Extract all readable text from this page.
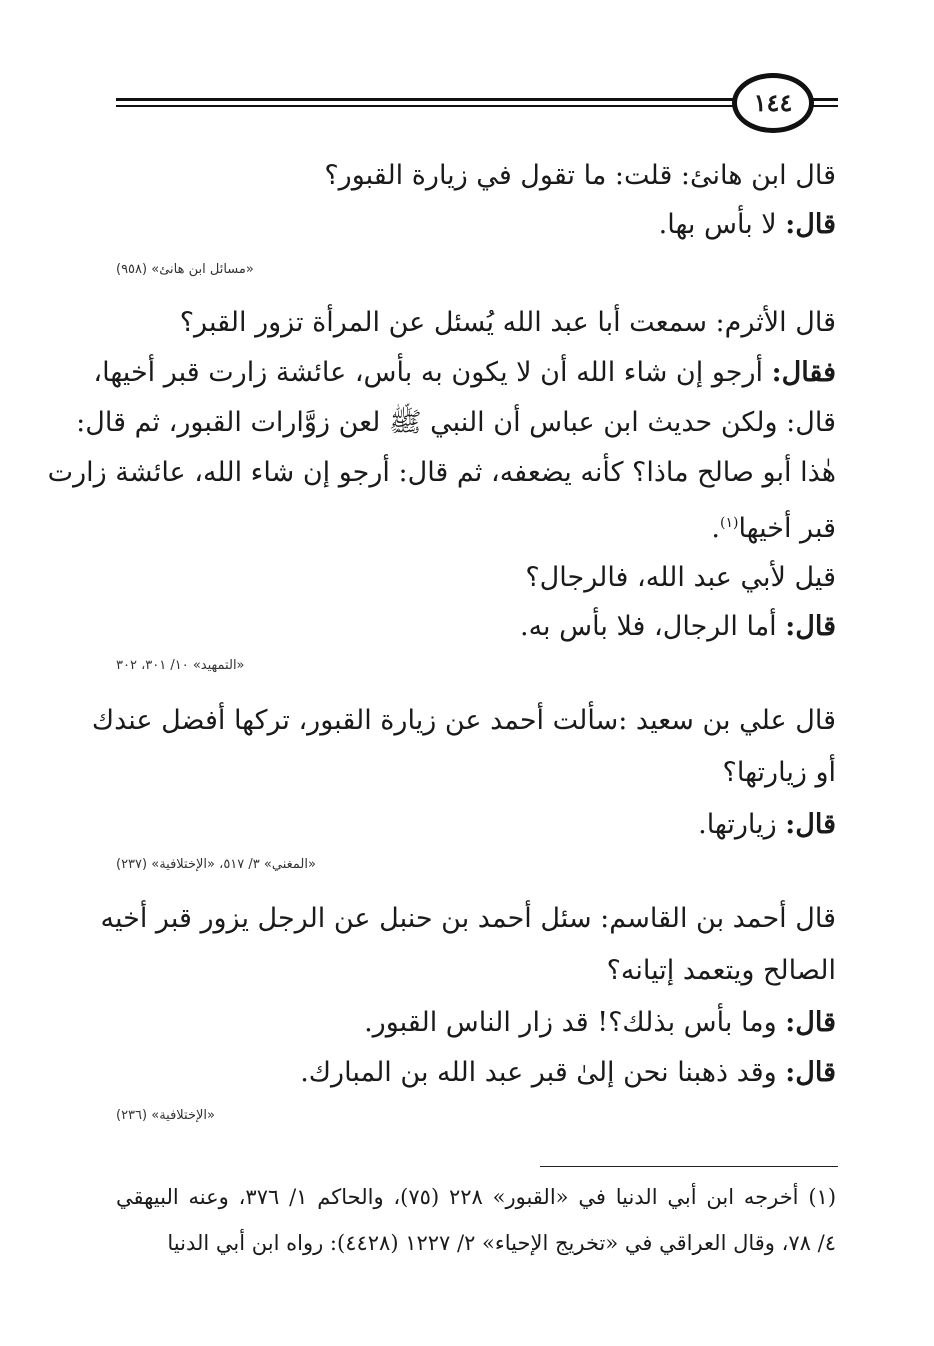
١٤٤
قال ابن هانئ: قلت: ما تقول في زيارة القبور؟
قال: لا بأس بها.
«مسائل ابن هانئ» (٩٥٨)
قال الأثرم: سمعت أبا عبد الله يُسئل عن المرأة تزور القبر؟
فقال: أرجو إن شاء الله أن لا يكون به بأس، عائشة زارت قبر أخيها،
قال: ولكن حديث ابن عباس أن النبي ﷺ لعن زوَّارات القبور، ثم قال:
هٰذا أبو صالح ماذا؟ كأنه يضعفه، ثم قال: أرجو إن شاء الله، عائشة زارت
قبر أخيها$^{(١)}$.
قيل لأبي عبد الله، فالرجال؟
قال: أما الرجال، فلا بأس به.
«التمهيد» ١٠/ ٣٠١، ٣٠٢
قال علي بن سعيد :سألت أحمد عن زيارة القبور، تركها أفضل عندك
أو زيارتها؟
قال: زيارتها.
«المغني» ٣/ ٥١٧، «الإختلافية» (٢٣٧)
قال أحمد بن القاسم: سئل أحمد بن حنبل عن الرجل يزور قبر أخيه
الصالح ويتعمد إتيانه؟
قال: وما بأس بذلك؟! قد زار الناس القبور.
قال: وقد ذهبنا نحن إلىٰ قبر عبد الله بن المبارك.
«الإختلافية» (٢٣٦)
(١) أخرجه ابن أبي الدنيا في «القبور» ٢٢٨ (٧٥)، والحاكم ١/ ٣٧٦، وعنه البيهقي
٤/ ٧٨، وقال العراقي في «تخريج الإحياء» ٢/ ١٢٢٧ (٤٤٢٨): رواه ابن أبي الدنيا
